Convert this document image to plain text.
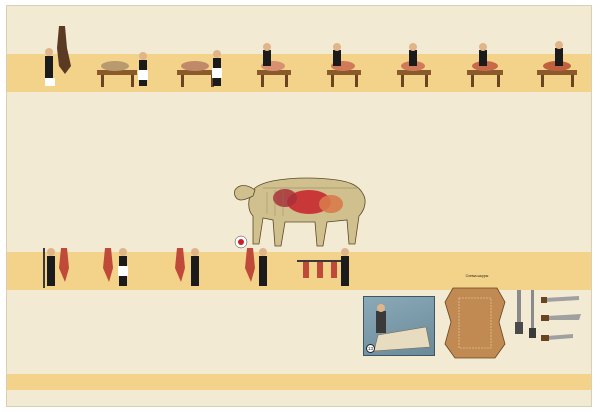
13
Схема шкуры
